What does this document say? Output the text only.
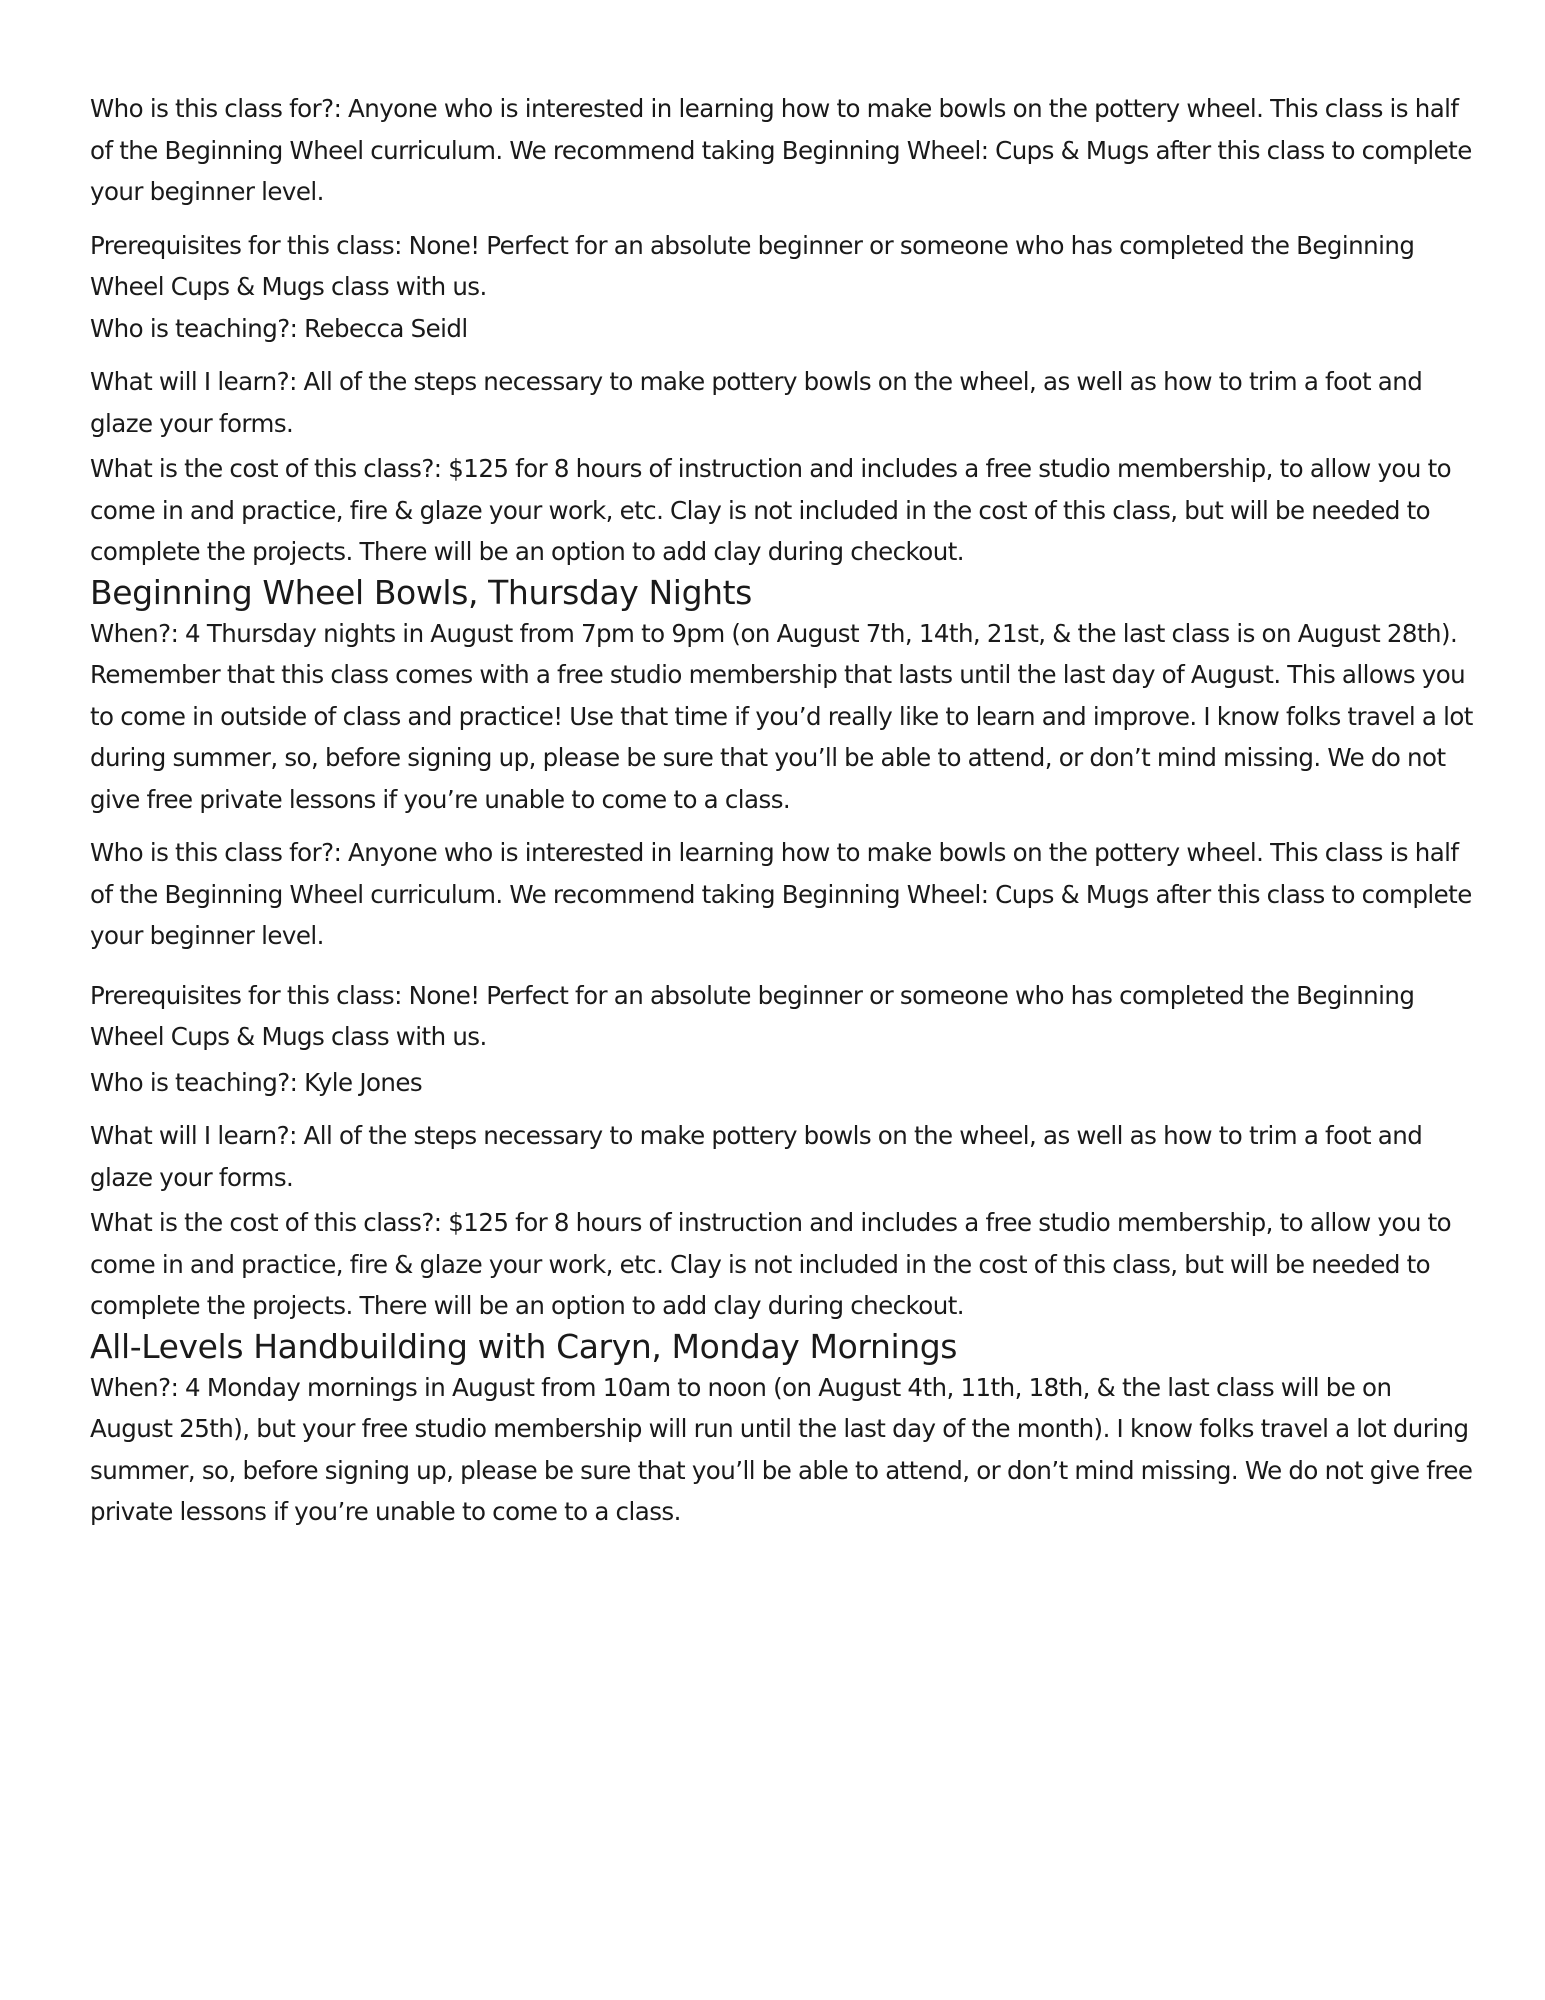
Who is this class for?: Anyone who is interested in learning how to make bowls on the pottery wheel. This class is half of the Beginning Wheel curriculum. We recommend taking Beginning Wheel: Cups & Mugs after this class to complete your beginner level.

Prerequisites for this class: None! Perfect for an absolute beginner or someone who has completed the Beginning Wheel Cups & Mugs class with us.

Who is teaching?: Rebecca Seidl

What will I learn?: All of the steps necessary to make pottery bowls on the wheel, as well as how to trim a foot and glaze your forms.

What is the cost of this class?: $125 for 8 hours of instruction and includes a free studio membership, to allow you to come in and practice, fire & glaze your work, etc. Clay is not included in the cost of this class, but will be needed to complete the projects. There will be an option to add clay during checkout.

Beginning Wheel Bowls, Thursday Nights

When?: 4 Thursday nights in August from 7pm to 9pm (on August 7th, 14th, 21st, & the last class is on August 28th). Remember that this class comes with a free studio membership that lasts until the last day of August. This allows you to come in outside of class and practice! Use that time if you’d really like to learn and improve. I know folks travel a lot during summer, so, before signing up, please be sure that you’ll be able to attend, or don’t mind missing. We do not give free private lessons if you’re unable to come to a class.

Who is this class for?: Anyone who is interested in learning how to make bowls on the pottery wheel. This class is half of the Beginning Wheel curriculum. We recommend taking Beginning Wheel: Cups & Mugs after this class to complete your beginner level.

Prerequisites for this class: None! Perfect for an absolute beginner or someone who has completed the Beginning Wheel Cups & Mugs class with us.

Who is teaching?: Kyle Jones

What will I learn?: All of the steps necessary to make pottery bowls on the wheel, as well as how to trim a foot and glaze your forms.

What is the cost of this class?: $125 for 8 hours of instruction and includes a free studio membership, to allow you to come in and practice, fire & glaze your work, etc. Clay is not included in the cost of this class, but will be needed to complete the projects. There will be an option to add clay during checkout.

All-Levels Handbuilding with Caryn, Monday Mornings

When?: 4 Monday mornings in August from 10am to noon (on August 4th, 11th, 18th, & the last class will be on August 25th), but your free studio membership will run until the last day of the month). I know folks travel a lot during summer, so, before signing up, please be sure that you’ll be able to attend, or don’t mind missing. We do not give free private lessons if you’re unable to come to a class.
